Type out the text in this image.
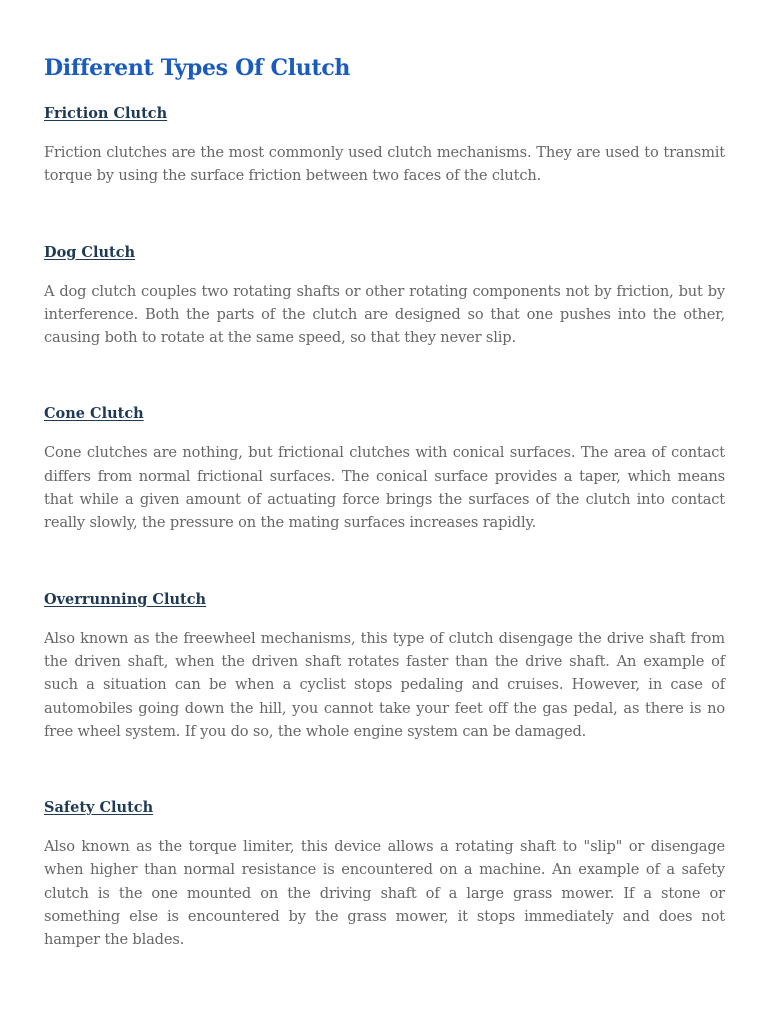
Different Types Of Clutch
Friction Clutch

Friction clutches are the most commonly used clutch mechanisms. They are used to transmit torque by using the surface friction between two faces of the clutch.

Dog Clutch

A dog clutch couples two rotating shafts or other rotating components not by friction, but by interference. Both the parts of the clutch are designed so that one pushes into the other, causing both to rotate at the same speed, so that they never slip.

Cone Clutch

Cone clutches are nothing, but frictional clutches with conical surfaces. The area of contact differs from normal frictional surfaces. The conical surface provides a taper, which means that while a given amount of actuating force brings the surfaces of the clutch into contact really slowly, the pressure on the mating surfaces increases rapidly.

Overrunning Clutch

Also known as the freewheel mechanisms, this type of clutch disengage the drive shaft from the driven shaft, when the driven shaft rotates faster than the drive shaft. An example of such a situation can be when a cyclist stops pedaling and cruises. However, in case of automobiles going down the hill, you cannot take your feet off the gas pedal, as there is no free wheel system. If you do so, the whole engine system can be damaged.

Safety Clutch

Also known as the torque limiter, this device allows a rotating shaft to "slip" or disengage when higher than normal resistance is encountered on a machine. An example of a safety clutch is the one mounted on the driving shaft of a large grass mower. If a stone or something else is encountered by the grass mower, it stops immediately and does not hamper the blades.
